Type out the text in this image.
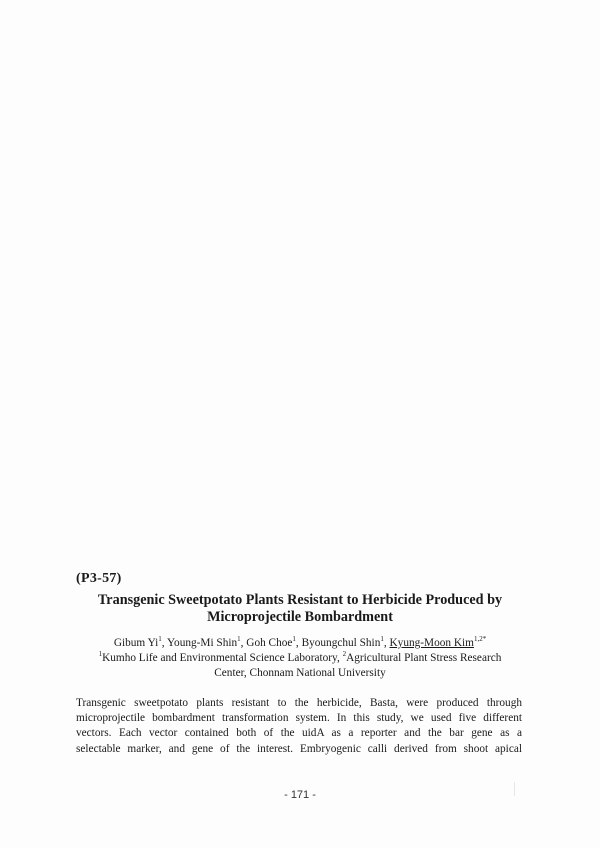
(P3-57)
Transgenic Sweetpotato Plants Resistant to Herbicide Produced by
Microprojectile Bombardment
Gibum Yi$^1$, Young-Mi Shin$^1$, Goh Choe$^1$, Byoungchul Shin$^1$, Kyung-Moon Kim$^{1,2*}$
$^1$Kumho Life and Environmental Science Laboratory, $^2$Agricultural Plant Stress Research
Center, Chonnam National University
Transgenic sweetpotato plants resistant to the herbicide, Basta, were produced through
microprojectile bombardment transformation system. In this study, we used five different
vectors. Each vector contained both of the uidA as a reporter and the bar gene as a
selectable marker, and gene of the interest. Embryogenic calli derived from shoot apical
- 171 -
